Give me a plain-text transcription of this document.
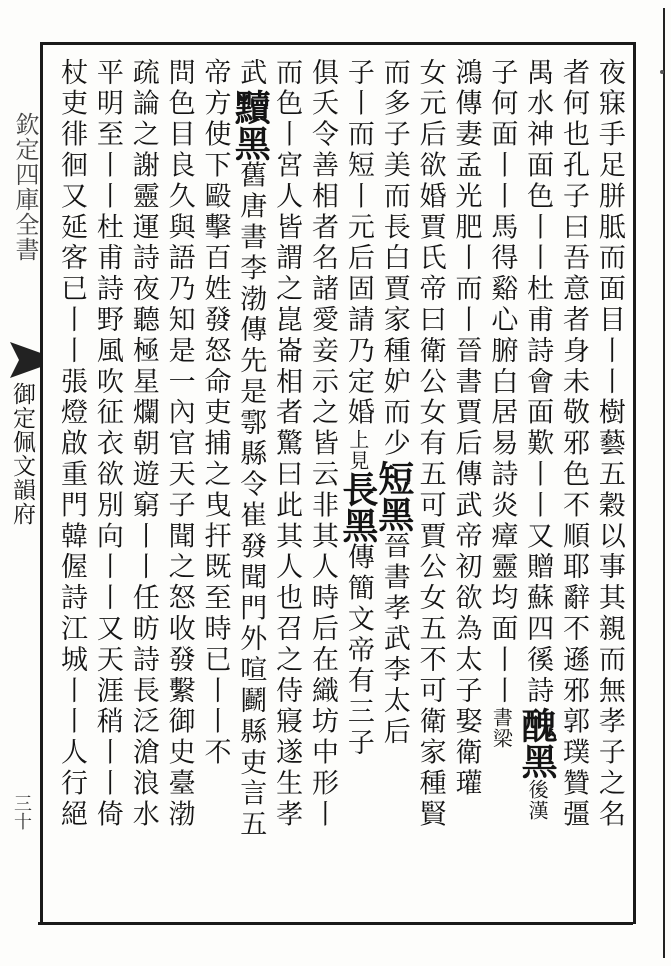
欽定四庫全書
御定佩文韻府
三十	夜寐手足胼胝而面目丨丨樹藝五穀以事其親而無孝子之名
者何也孔子曰吾意者身未敬邪色不順耶辭不遜邪郭璞贊彊
禺水神面色丨丨杜甫詩會面歎丨丨又贈蘇四徯詩醜黑後漢
子何面丨丨馬得谿心腑白居易詩炎瘴靈均面丨丨書梁
鴻傳妻孟光肥丨而丨晉書賈后傳武帝初欲為太子娶衛瓘
女元后欲婚賈氏帝曰衛公女有五可賈公女五不可衛家種賢
而多子美而長白賈家種妒而少短黑晉書孝武李太后
子丨而短丨元后固請乃定婚上見長黑傳簡文帝有三子
俱夭令善相者名諸愛妾示之皆云非其人時后在織坊中形丨
而色丨宮人皆謂之崑崙相者驚曰此其人也召之侍寢遂生孝
武黷黑舊唐書李渤傳先是鄠縣令崔發聞門外喧鬬縣吏言五
帝方使下毆擊百姓發怒命吏捕之曳扞既至時已丨丨不
問色目良久與語乃知是一內官天子聞之怒收發繫御史臺渤
疏論之謝靈運詩夜聽極星爛朝遊窮丨丨任昉詩長泛滄浪水
平明至丨丨杜甫詩野風吹征衣欲別向丨丨又天涯稍丨丨倚
杖吏徘徊又延客已丨丨張燈啟重門韓偓詩江城丨丨人行絕
